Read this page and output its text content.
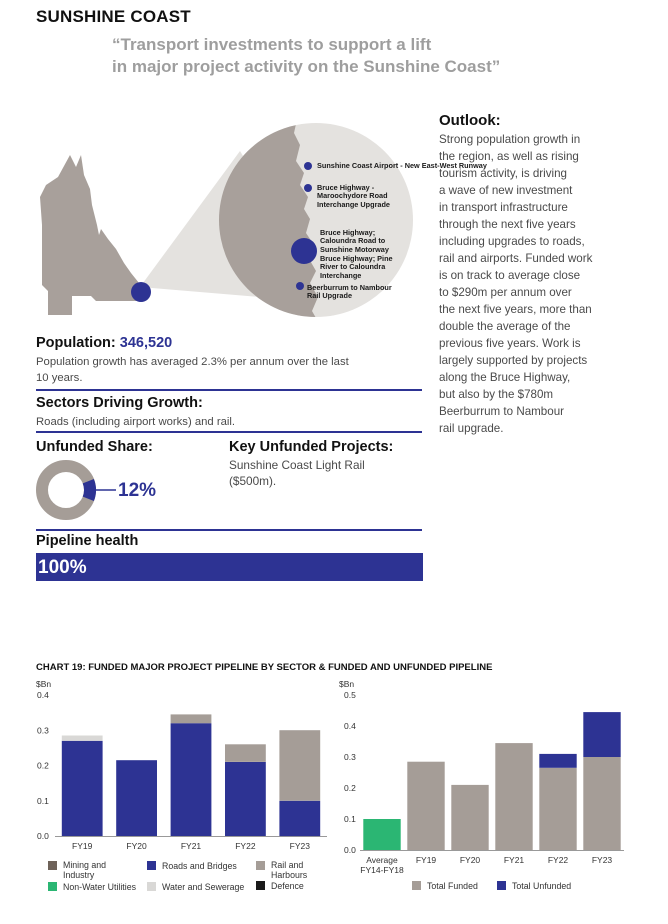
SUNSHINE COAST
“Transport investments to support a lift
in major project activity on the Sunshine Coast”
Sunshine Coast Airport - New East-West Runway
Bruce Highway - Maroochydore Road Interchange Upgrade
Bruce Highway; Caloundra Road to Sunshine Motorway
Bruce Highway; Pine River to Caloundra Interchange
Beerburrum to Nambour Rail Upgrade
Outlook:
Strong population growth in
the region, as well as rising
tourism activity, is driving
a wave of new investment
in transport infrastructure
through the next five years
including upgrades to roads,
rail and airports. Funded work
is on track to average close
to $290m per annum over
the next five years, more than
double the average of the
previous five years. Work is
largely supported by projects
along the Bruce Highway,
but also by the $780m
Beerburrum to Nambour
rail upgrade.
Population: 346,520
Population growth has averaged 2.3% per annum over the last
10 years.
Sectors Driving Growth:
Roads (including airport works) and rail.
Unfunded Share:
12%
Key Unfunded Projects:
Sunshine Coast Light Rail
($500m).
Pipeline health
100%
CHART 19: FUNDED MAJOR PROJECT PIPELINE BY SECTOR & FUNDED AND UNFUNDED PIPELINE
$Bn
0.0
0.1
0.2
0.3
0.4
FY19	FY20	FY21	FY22	FY23
$Bn
0.0
0.1
0.2
0.3
0.4
0.5
Average
FY14-FY18
FY19	FY20	FY21	FY22	FY23
Mining and Industry
Roads and Bridges	Rail and Harbours
Non-Water Utilities	Water and Sewerage	Defence	Total Funded	Total Unfunded
